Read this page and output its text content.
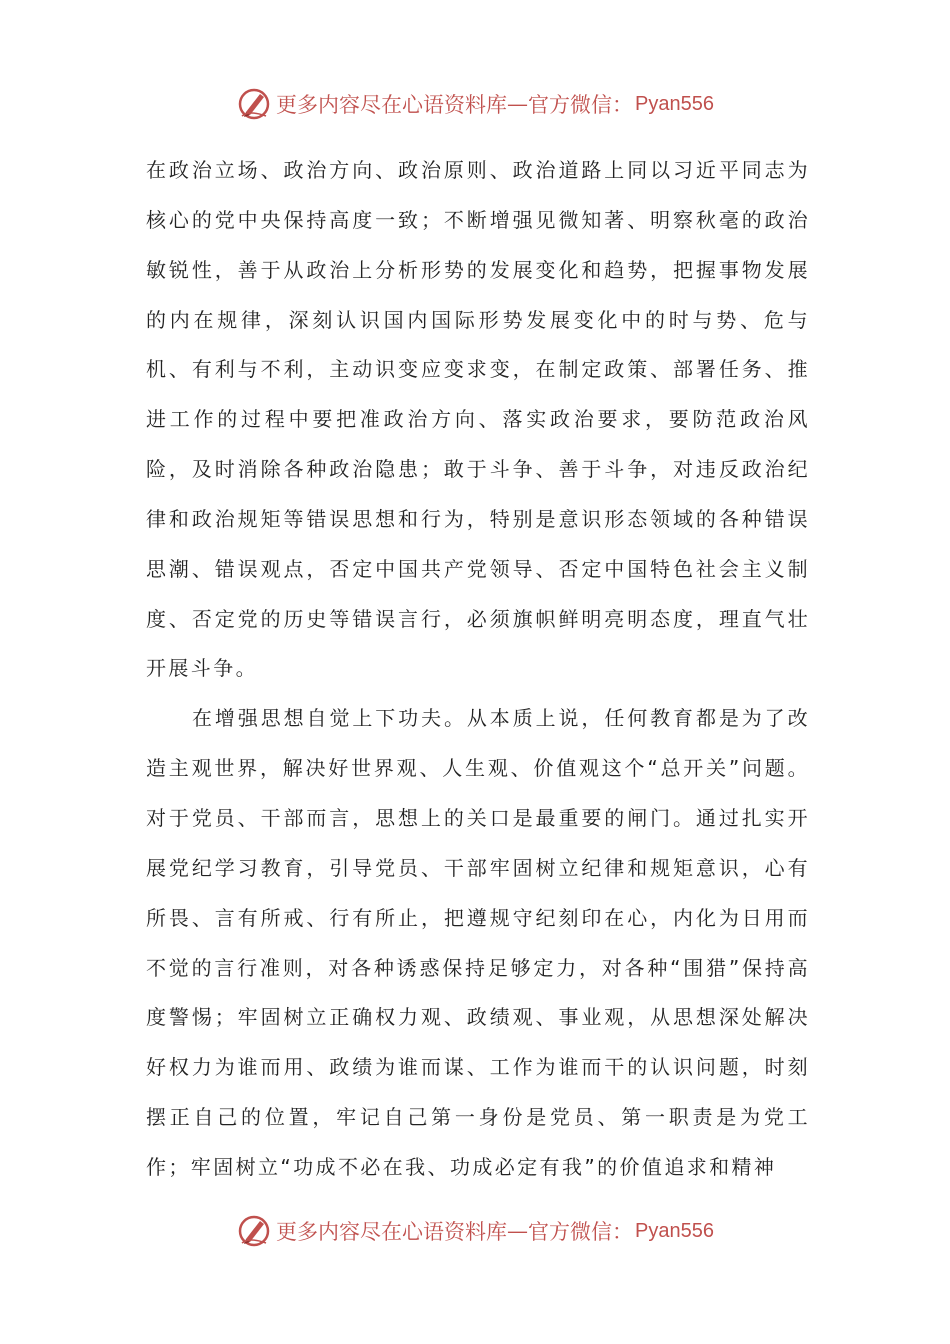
更多内容尽在心语资料库 — 官方微信： Pyan556

在政治立场、政治方向、政治原则、政治道路上同以习近平同志为核心的党中央保持高度一致；不断增强见微知著、明察秋毫的政治敏锐性，善于从政治上分析形势的发展变化和趋势，把握事物发展的内在规律，深刻认识国内国际形势发展变化中的时与势、危与机、有利与不利，主动识变应变求变，在制定政策、部署任务、推进工作的过程中要把准政治方向、落实政治要求，要防范政治风险，及时消除各种政治隐患；敢于斗争、善于斗争，对违反政治纪律和政治规矩等错误思想和行为，特别是意识形态领域的各种错误思潮、错误观点，否定中国共产党领导、否定中国特色社会主义制度、否定党的历史等错误言行，必须旗帜鲜明亮明态度，理直气壮开展斗争。

在增强思想自觉上下功夫。从本质上说，任何教育都是为了改造主观世界，解决好世界观、人生观、价值观这个“总开关”问题。对于党员、干部而言，思想上的关口是最重要的闸门。通过扎实开展党纪学习教育，引导党员、干部牢固树立纪律和规矩意识，心有所畏、言有所戒、行有所止，把遵规守纪刻印在心，内化为日用而不觉的言行准则，对各种诱惑保持足够定力，对各种“围猎”保持高度警惕；牢固树立正确权力观、政绩观、事业观，从思想深处解决好权力为谁而用、政绩为谁而谋、工作为谁而干的认识问题，时刻摆正自己的位置，牢记自己第一身份是党员、第一职责是为党工作；牢固树立“功成不必在我、功成必定有我”的价值追求和精神

更多内容尽在心语资料库 — 官方微信： Pyan556
